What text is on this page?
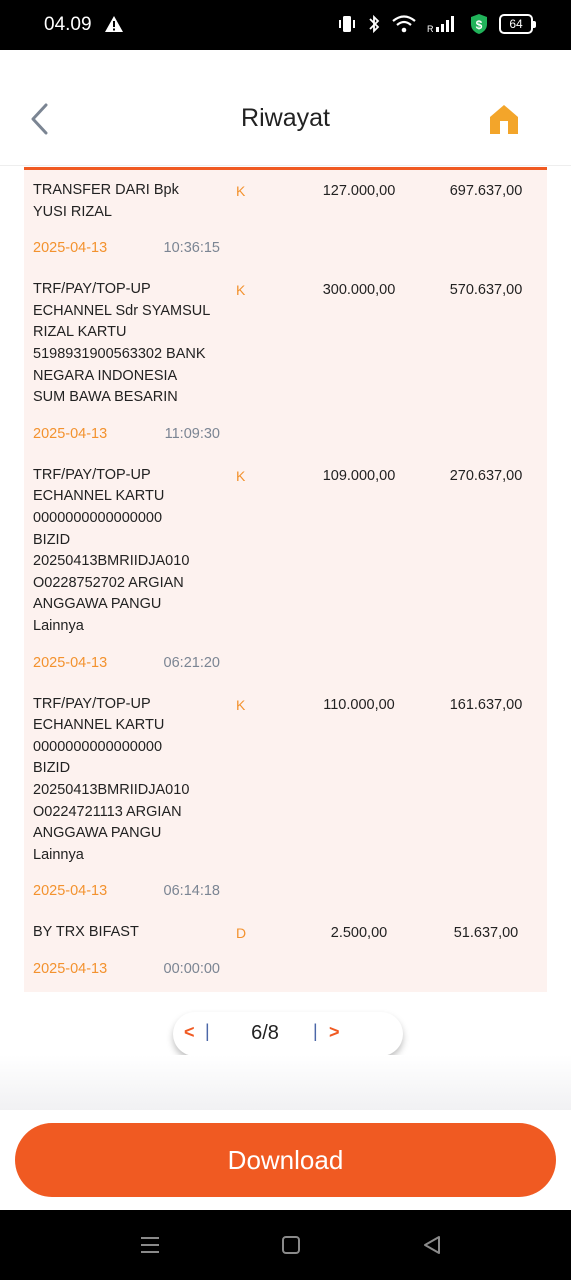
04.09	R	$	64
Riwayat
TRANSFER DARI Bpk
YUSI RIZAL
K	127.000,00	697.637,00
2025-04-13	10:36:15
TRF/PAY/TOP-UP
ECHANNEL Sdr SYAMSUL
RIZAL KARTU
5198931900563302 BANK
NEGARA INDONESIA
SUM BAWA BESARIN
K	300.000,00	570.637,00
2025-04-13	11:09:30
TRF/PAY/TOP-UP
ECHANNEL KARTU
0000000000000000
BIZID
20250413BMRIIDJA010
O0228752702 ARGIAN
ANGGAWA PANGU
Lainnya
K	109.000,00	270.637,00
2025-04-13	06:21:20
TRF/PAY/TOP-UP
ECHANNEL KARTU
0000000000000000
BIZID
20250413BMRIIDJA010
O0224721113 ARGIAN
ANGGAWA PANGU
Lainnya
K	110.000,00	161.637,00
2025-04-13	06:14:18
BY TRX BIFAST	D	2.500,00	51.637,00
2025-04-13	00:00:00
< |	6/8	| >
Download
